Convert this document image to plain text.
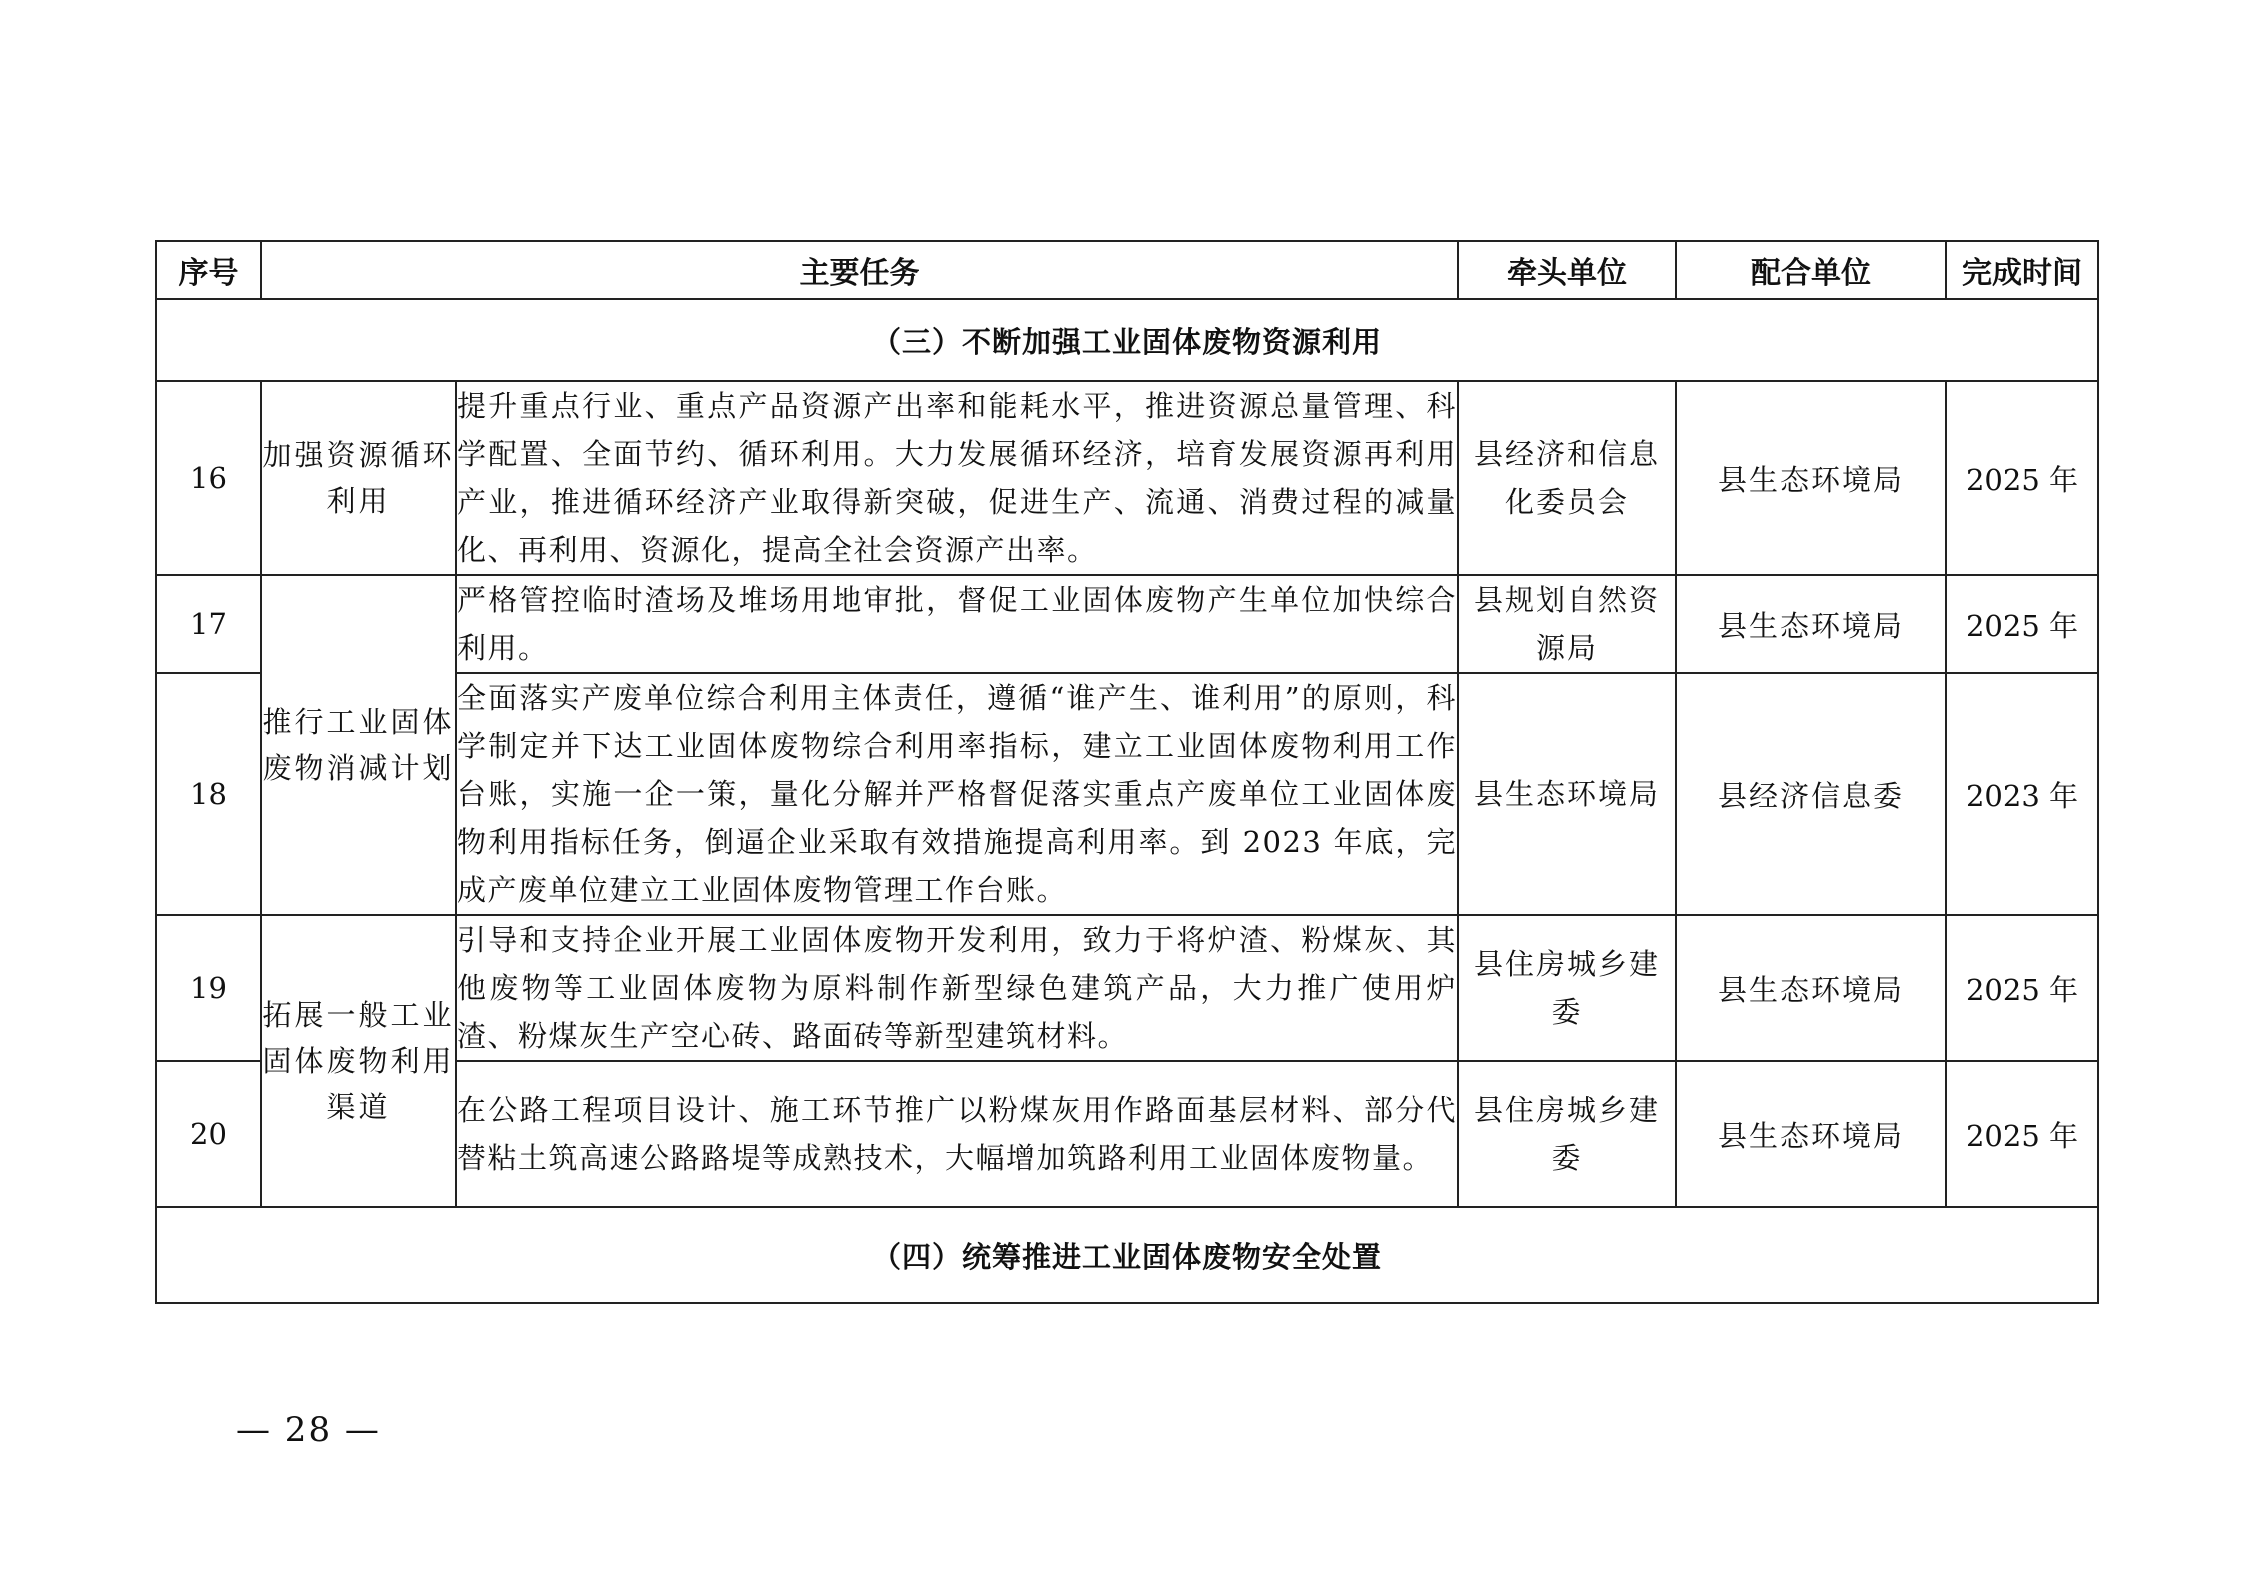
序号	主要任务		牵头单位	配合单位	完成时间
（三）不断加强工业固体废物资源利用					
16	加强资源循环利用	提升重点行业、重点产品资源产出率和能耗水平，推进资源总量管理、科学配置、全面节约、循环利用。大力发展循环经济，培育发展资源再利用产业，推进循环经济产业取得新突破，促进生产、流通、消费过程的减量化、再利用、资源化，提高全社会资源产出率。	县经济和信息化委员会	县生态环境局	2025 年
17	推行工业固体废物消减计划	严格管控临时渣场及堆场用地审批，督促工业固体废物产生单位加快综合利用。	县规划自然资源局	县生态环境局	2025 年
18		全面落实产废单位综合利用主体责任，遵循“谁产生、谁利用”的原则，科学制定并下达工业固体废物综合利用率指标，建立工业固体废物利用工作台账，实施一企一策，量化分解并严格督促落实重点产废单位工业固体废物利用指标任务，倒逼企业采取有效措施提高利用率。到 2023 年底，完成产废单位建立工业固体废物管理工作台账。	县生态环境局	县经济信息委	2023 年
19	拓展一般工业固体废物利用渠道	引导和支持企业开展工业固体废物开发利用，致力于将炉渣、粉煤灰、其他废物等工业固体废物为原料制作新型绿色建筑产品，大力推广使用炉渣、粉煤灰生产空心砖、路面砖等新型建筑材料。	县住房城乡建委	县生态环境局	2025 年
20		在公路工程项目设计、施工环节推广以粉煤灰用作路面基层材料、部分代替粘土筑高速公路路堤等成熟技术，大幅增加筑路利用工业固体废物量。	县住房城乡建委	县生态环境局	2025 年
（四）统筹推进工业固体废物安全处置					
— 28 —
